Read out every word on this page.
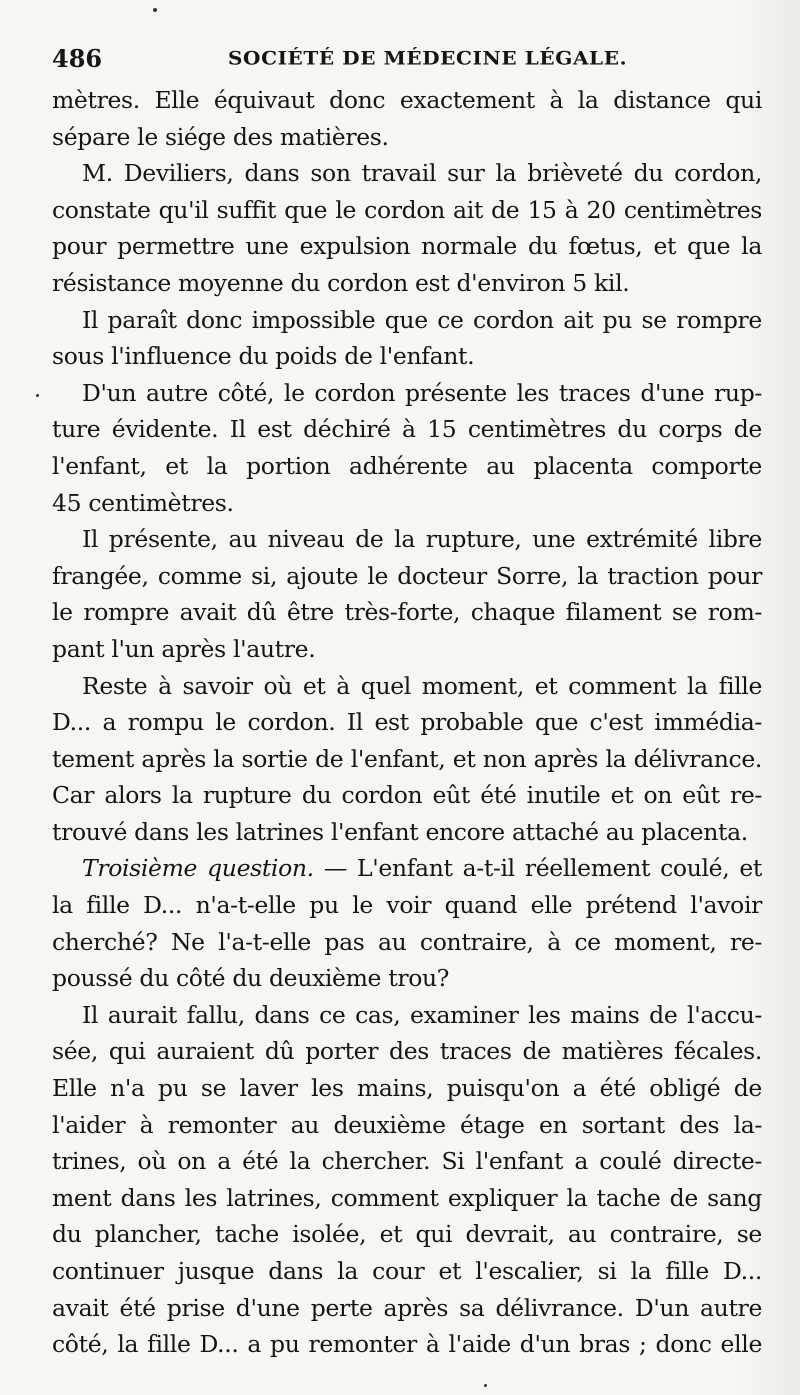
486	SOCIÉTÉ DE MÉDECINE LÉGALE.
mètres. Elle équivaut donc exactement à la distance qui
sépare le siége des matières.
M. Deviliers, dans son travail sur la brièveté du cordon,
constate qu'il suffit que le cordon ait de 15 à 20 centimètres
pour permettre une expulsion normale du fœtus, et que la
résistance moyenne du cordon est d'environ 5 kil.
Il paraît donc impossible que ce cordon ait pu se rompre
sous l'influence du poids de l'enfant.
D'un autre côté, le cordon présente les traces d'une rup-
ture évidente. Il est déchiré à 15 centimètres du corps de
l'enfant, et la portion adhérente au placenta comporte
45 centimètres.
Il présente, au niveau de la rupture, une extrémité libre
frangée, comme si, ajoute le docteur Sorre, la traction pour
le rompre avait dû être très-forte, chaque filament se rom-
pant l'un après l'autre.
Reste à savoir où et à quel moment, et comment la fille
D... a rompu le cordon. Il est probable que c'est immédia-
tement après la sortie de l'enfant, et non après la délivrance.
Car alors la rupture du cordon eût été inutile et on eût re-
trouvé dans les latrines l'enfant encore attaché au placenta.
Troisième question. — L'enfant a-t-il réellement coulé, et
la fille D... n'a-t-elle pu le voir quand elle prétend l'avoir
cherché? Ne l'a-t-elle pas au contraire, à ce moment, re-
poussé du côté du deuxième trou?
Il aurait fallu, dans ce cas, examiner les mains de l'accu-
sée, qui auraient dû porter des traces de matières fécales.
Elle n'a pu se laver les mains, puisqu'on a été obligé de
l'aider à remonter au deuxième étage en sortant des la-
trines, où on a été la chercher. Si l'enfant a coulé directe-
ment dans les latrines, comment expliquer la tache de sang
du plancher, tache isolée, et qui devrait, au contraire, se
continuer jusque dans la cour et l'escalier, si la fille D...
avait été prise d'une perte après sa délivrance. D'un autre
côté, la fille D... a pu remonter à l'aide d'un bras ; donc elle
